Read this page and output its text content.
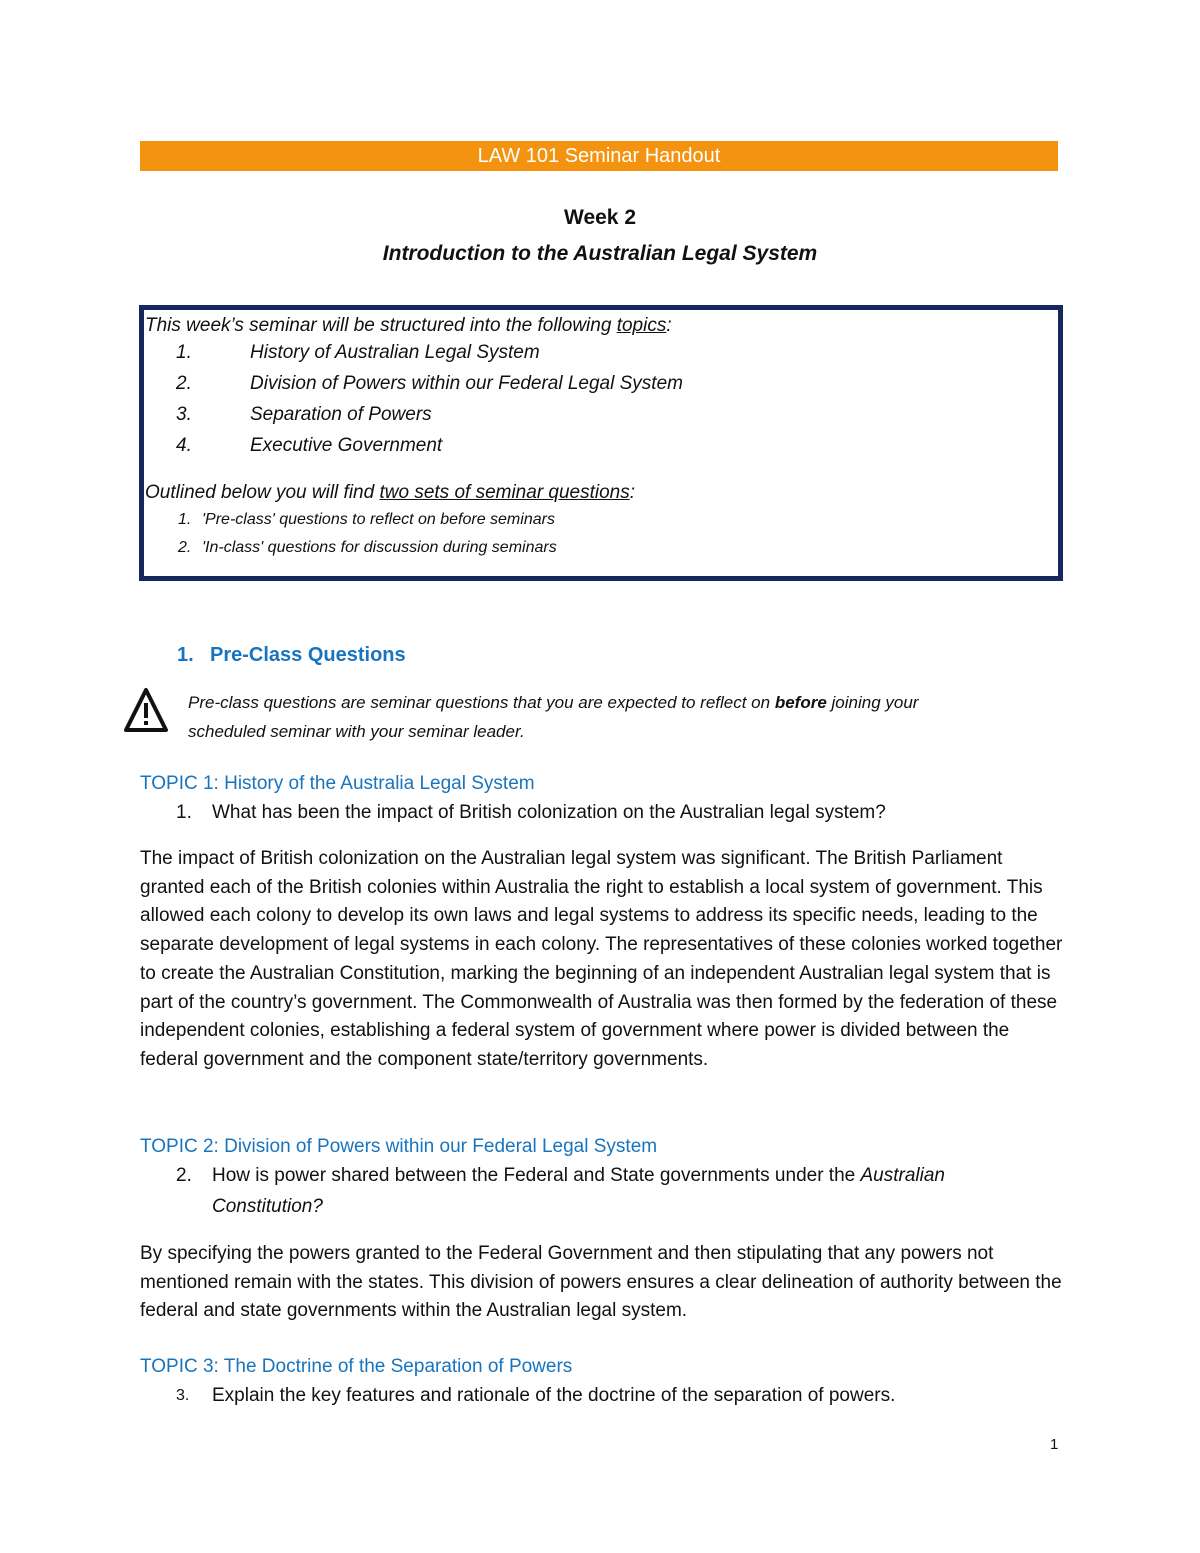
LAW 101 Seminar Handout
Week 2
Introduction to the Australian Legal System
This week’s seminar will be structured into the following topics:
1.	History of Australian Legal System
2.	Division of Powers within our Federal Legal System
3.	Separation of Powers
4.	Executive Government
Outlined below you will find two sets of seminar questions:
1. 'Pre-class' questions to reflect on before seminars
2. 'In-class' questions for discussion during seminars
1. Pre-Class Questions
Pre-class questions are seminar questions that you are expected to reflect on before joining your
scheduled seminar with your seminar leader.
TOPIC 1: History of the Australia Legal System
1. What has been the impact of British colonization on the Australian legal system?
The impact of British colonization on the Australian legal system was significant. The British Parliament granted each of the British colonies within Australia the right to establish a local system of government. This allowed each colony to develop its own laws and legal systems to address its specific needs, leading to the separate development of legal systems in each colony. The representatives of these colonies worked together to create the Australian Constitution, marking the beginning of an independent Australian legal system that is part of the country’s government. The Commonwealth of Australia was then formed by the federation of these independent colonies, establishing a federal system of government where power is divided between the federal government and the component state/territory governments.
TOPIC 2: Division of Powers within our Federal Legal System
2. How is power shared between the Federal and State governments under the Australian
Constitution?
By specifying the powers granted to the Federal Government and then stipulating that any powers not mentioned remain with the states. This division of powers ensures a clear delineation of authority between the federal and state governments within the Australian legal system.
TOPIC 3: The Doctrine of the Separation of Powers
3. Explain the key features and rationale of the doctrine of the separation of powers.
1
